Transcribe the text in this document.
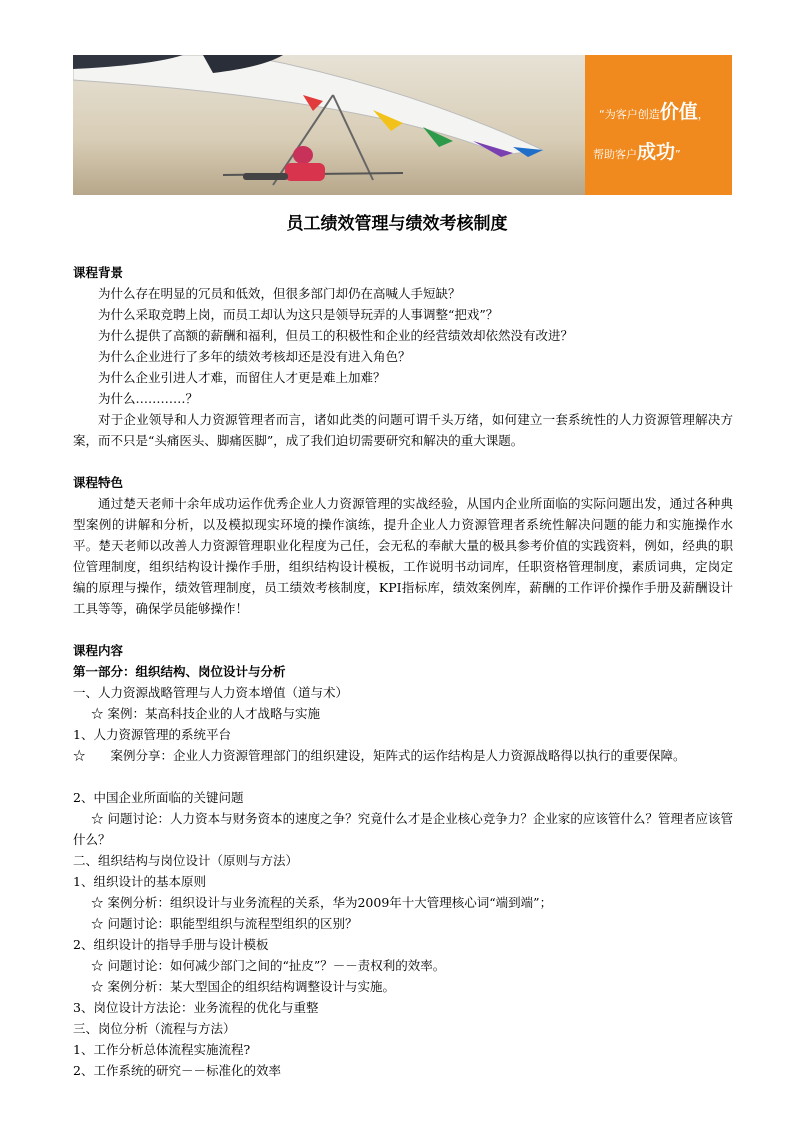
“为客户创造价值，
帮助客户成功”
员工绩效管理与绩效考核制度
课程背景
为什么存在明显的冗员和低效，但很多部门却仍在高喊人手短缺？
为什么采取竞聘上岗，而员工却认为这只是领导玩弄的人事调整“把戏”？
为什么提供了高额的薪酬和福利，但员工的积极性和企业的经营绩效却依然没有改进？
为什么企业进行了多年的绩效考核却还是没有进入角色？
为什么企业引进人才难，而留住人才更是难上加难？
为什么…………？
对于企业领导和人力资源管理者而言，诸如此类的问题可谓千头万绪，如何建立一套系统性的人力资源管理解决方案，而不只是“头痛医头、脚痛医脚”，成了我们迫切需要研究和解决的重大课题。
课程特色
通过楚天老师十余年成功运作优秀企业人力资源管理的实战经验，从国内企业所面临的实际问题出发，通过各种典型案例的讲解和分析，以及模拟现实环境的操作演练，提升企业人力资源管理者系统性解决问题的能力和实施操作水平。楚天老师以改善人力资源管理职业化程度为己任，会无私的奉献大量的极具参考价值的实践资料，例如，经典的职位管理制度，组织结构设计操作手册，组织结构设计模板，工作说明书动词库，任职资格管理制度，素质词典，定岗定编的原理与操作，绩效管理制度，员工绩效考核制度，KPI指标库，绩效案例库，薪酬的工作评价操作手册及薪酬设计工具等等，确保学员能够操作！
课程内容
第一部分：组织结构、岗位设计与分析
一、人力资源战略管理与人力资本增值（道与术）
☆ 案例：某高科技企业的人才战略与实施
1、人力资源管理的系统平台
☆　　案例分享：企业人力资源管理部门的组织建设，矩阵式的运作结构是人力资源战略得以执行的重要保障。
2、中国企业所面临的关键问题
☆ 问题讨论：人力资本与财务资本的速度之争？究竟什么才是企业核心竞争力？企业家的应该管什么？管理者应该管什么？
二、组织结构与岗位设计（原则与方法）
1、组织设计的基本原则
☆ 案例分析：组织设计与业务流程的关系，华为2009年十大管理核心词“端到端”；
☆ 问题讨论：职能型组织与流程型组织的区别？
2、组织设计的指导手册与设计模板
☆ 问题讨论：如何减少部门之间的“扯皮”？－－责权利的效率。
☆ 案例分析：某大型国企的组织结构调整设计与实施。
3、岗位设计方法论：业务流程的优化与重整
三、岗位分析（流程与方法）
1、工作分析总体流程实施流程?
2、工作系统的研究－－标准化的效率
